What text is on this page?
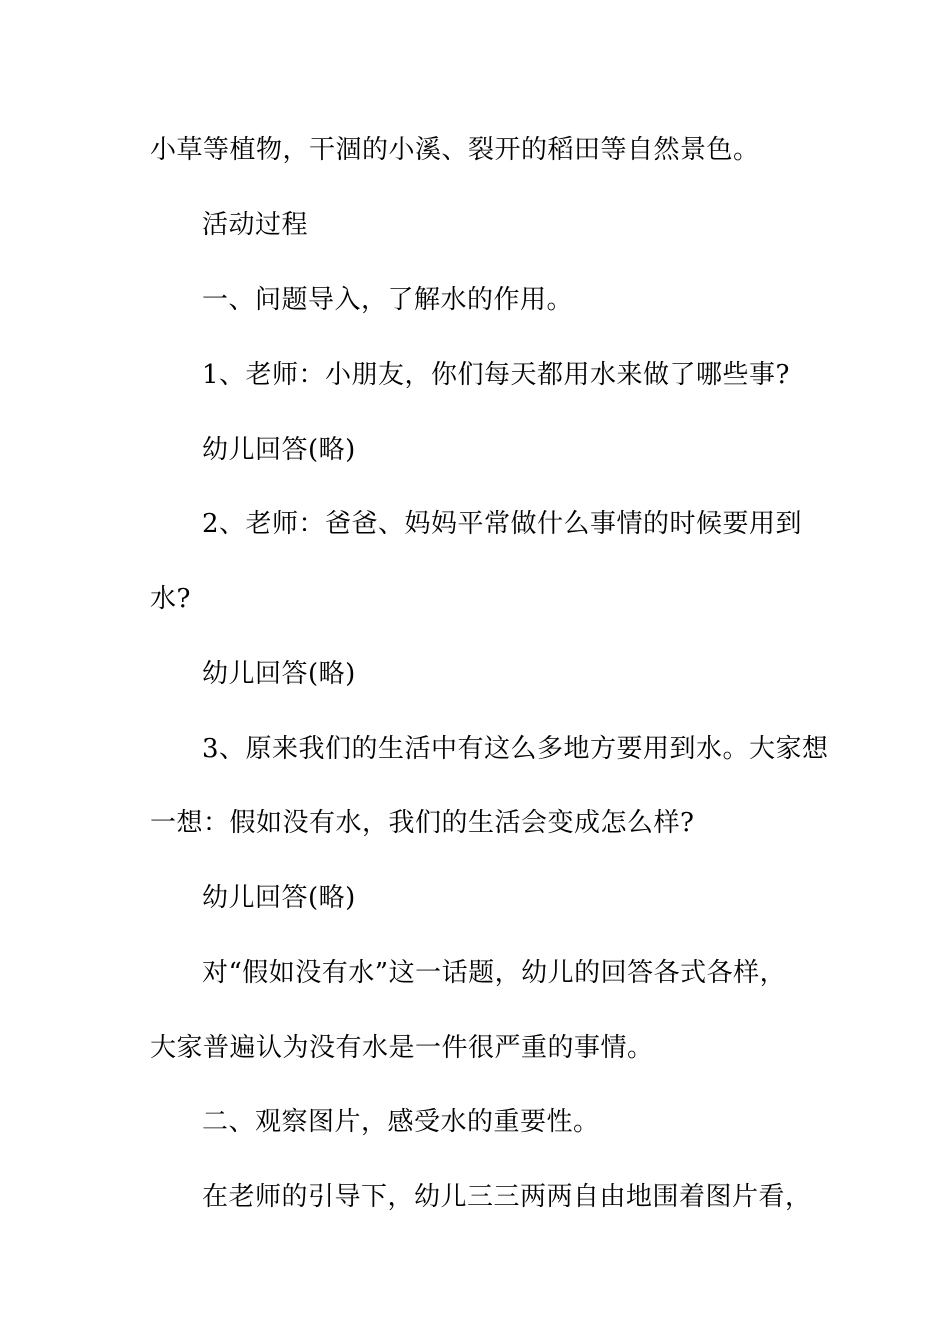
小草等植物，干涸的小溪、裂开的稻田等自然景色。
活动过程
一、问题导入，了解水的作用。
1、老师：小朋友，你们每天都用水来做了哪些事?
幼儿回答(略)
2、老师：爸爸、妈妈平常做什么事情的时候要用到
水?
幼儿回答(略)
3、原来我们的生活中有这么多地方要用到水。大家想
一想：假如没有水，我们的生活会变成怎么样?
幼儿回答(略)
对“假如没有水”这一话题，幼儿的回答各式各样，
大家普遍认为没有水是一件很严重的事情。
二、观察图片，感受水的重要性。
在老师的引导下，幼儿三三两两自由地围着图片看，
